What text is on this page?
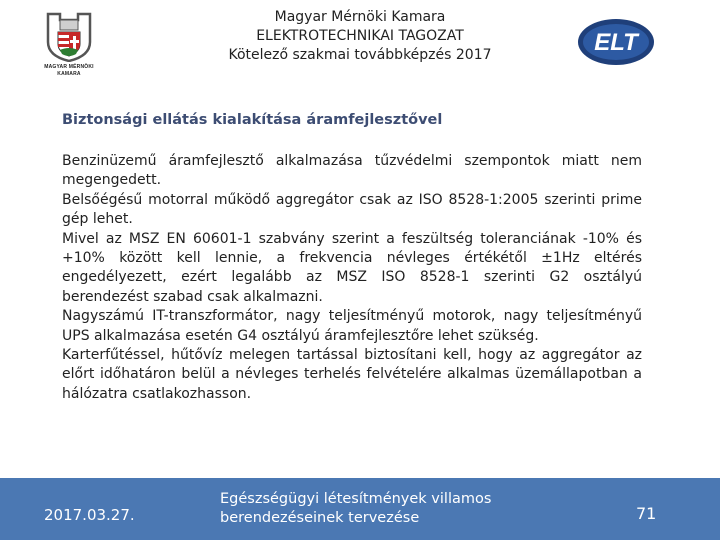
MAGYAR MÉRNÖKI
KAMARA
Magyar Mérnöki Kamara
ELEKTROTECHNIKAI TAGOZAT
Kötelező szakmai továbbképzés 2017	ELT
Biztonsági ellátás kialakítása áramfejlesztővel

Benzinüzemű áramfejlesztő alkalmazása tűzvédelmi szempontok miatt nem megengedett.

Belsőégésű motorral működő aggregátor csak az ISO 8528-1:2005 szerinti prime gép lehet.

Mivel az MSZ EN 60601-1 szabvány szerint a feszültség toleranciának -10% és +10% között kell lennie, a frekvencia névleges értékétől ±1Hz eltérés engedélyezett, ezért legalább az MSZ ISO 8528-1 szerinti G2 osztályú berendezést szabad csak alkalmazni.

Nagyszámú IT-transzformátor, nagy teljesítményű motorok, nagy teljesítményű UPS alkalmazása esetén G4 osztályú áramfejlesztőre lehet szükség.

Karterfűtéssel, hűtővíz melegen tartással biztosítani kell, hogy az aggregátor az előrt időhatáron belül a névleges terhelés felvételére alkalmas üzemállapotban a hálózatra csatlakozhasson.

2017.03.27.
Egészségügyi létesítmények villamos
berendezéseinek tervezése	71
